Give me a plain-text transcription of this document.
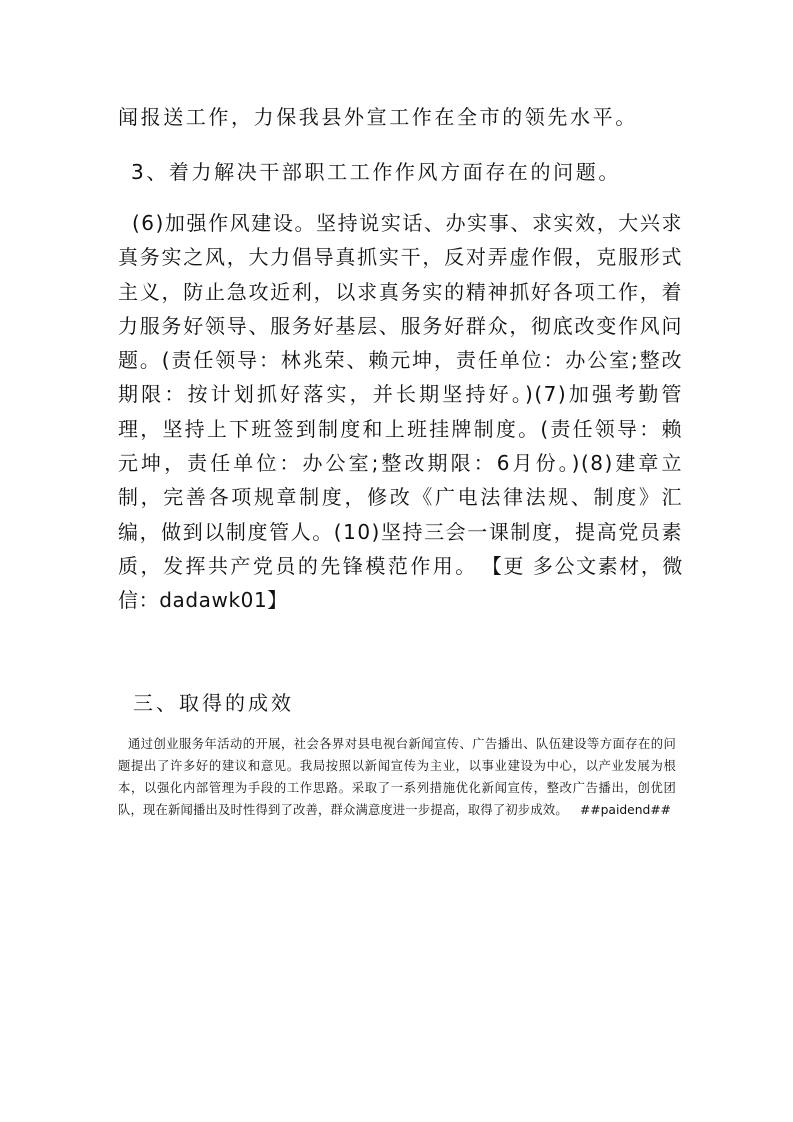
闻报送工作，力保我县外宣工作在全市的领先水平。
3、着力解决干部职工工作作风方面存在的问题。
(6)加强作风建设。坚持说实话、办实事、求实效，大兴求真务实之风，大力倡导真抓实干，反对弄虚作假，克服形式主义，防止急攻近利，以求真务实的精神抓好各项工作，着力服务好领导、服务好基层、服务好群众，彻底改变作风问题。(责任领导：林兆荣、赖元坤，责任单位：办公室;整改期限：按计划抓好落实，并长期坚持好。)(7)加强考勤管理，坚持上下班签到制度和上班挂牌制度。(责任领导：赖元坤，责任单位：办公室;整改期限：6月份。)(8)建章立制，完善各项规章制度，修改《广电法律法规、制度》汇编，做到以制度管人。(10)坚持三会一课制度，提高党员素质，发挥共产党员的先锋模范作用。 【更 多公文素材，微信：dadawk01】
三、取得的成效
通过创业服务年活动的开展，社会各界对县电视台新闻宣传、广告播出、队伍建设等方面存在的问题提出了许多好的建议和意见。我局按照以新闻宣传为主业，以事业建设为中心，以产业发展为根本，以强化内部管理为手段的工作思路。采取了一系列措施优化新闻宣传，整改广告播出，创优团队，现在新闻播出及时性得到了改善，群众满意度进一步提高，取得了初步成效。 ##paidend##
